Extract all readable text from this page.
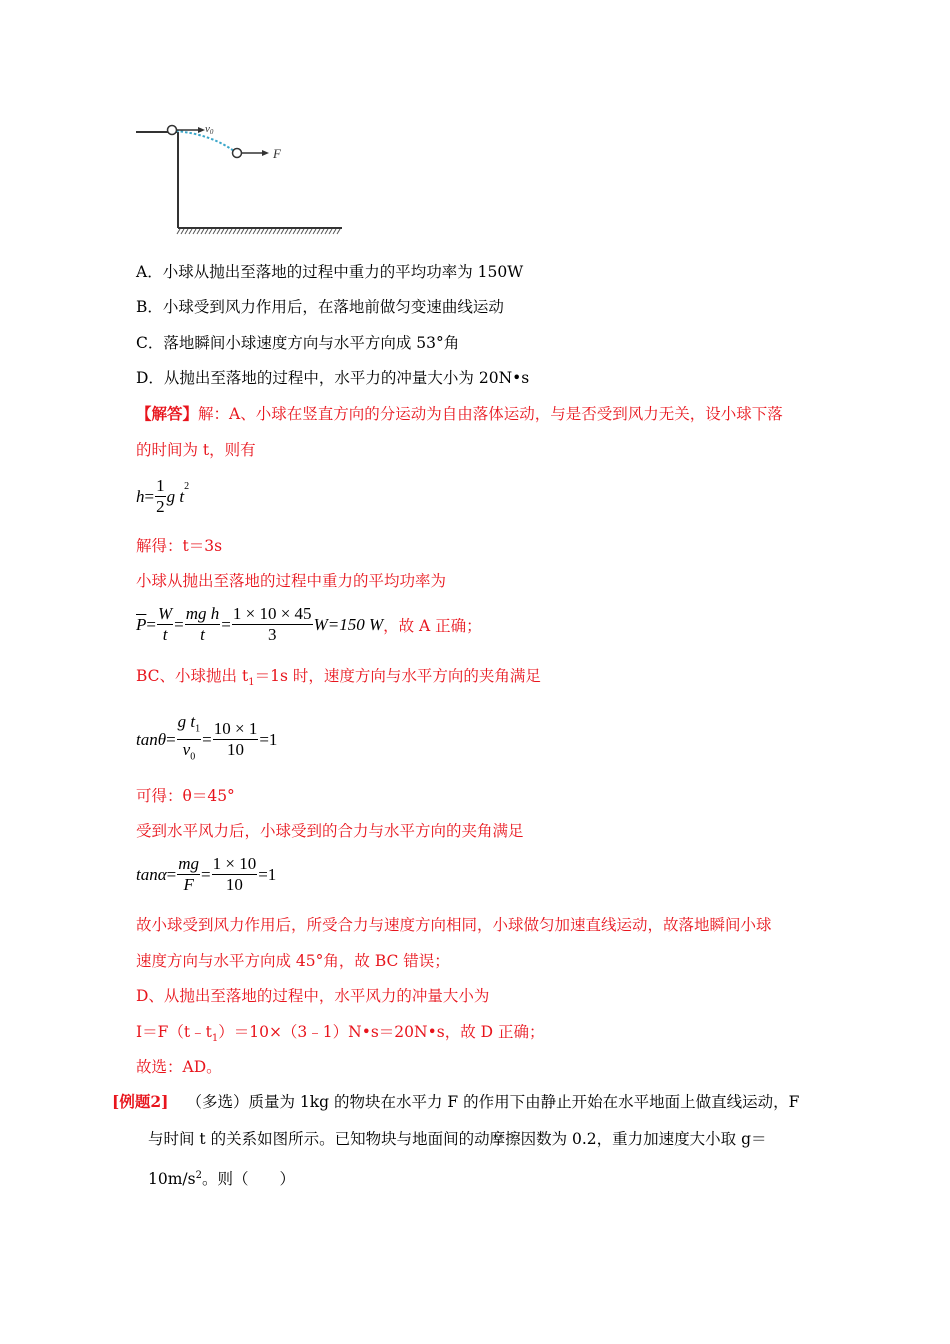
v0
F
A．小球从抛出至落地的过程中重力的平均功率为 150W
B．小球受到风力作用后，在落地前做匀变速曲线运动
C．落地瞬间小球速度方向与水平方向成 53°角
D．从抛出至落地的过程中，水平力的冲量大小为 20N•s
【解答】解：A、小球在竖直方向的分运动为自由落体运动，与是否受到风力无关，设小球下落
的时间为 t，则有
$h = \frac{1}{2}$ g $t^2$
解得：t＝3s
小球从抛出至落地的过程中重力的平均功率为
$\overline{P} = \frac{W}{t} = \frac{\text{mg h}}{t} = \frac{1 \times 10 \times 45}{3} W=150$ W ，故 A 正确；
BC、小球抛出 $t_1=1s$ 时，速度方向与水平方向的夹角满足
$\tan\theta = \frac{g t_1}{v_0} = \frac{10 \times 1}{10} =1$
可得：θ＝45°
受到水平风力后，小球受到的合力与水平方向的夹角满足
$\tan\alpha = \frac{mg}{F} = \frac{1 \times 10}{10} =1$
故小球受到风力作用后，所受合力与速度方向相同，小球做匀加速直线运动，故落地瞬间小球
速度方向与水平方向成 45°角，故 BC 错误；
D、从抛出至落地的过程中，水平风力的冲量大小为
$I=F(t﹣t_1)=10\times(3﹣1)N•s=20N•s$，故 D 正确；
故选：AD。
[例题2] （多选）质量为 1kg 的物块在水平力 F 的作用下由静止开始在水平地面上做直线运动，F
与时间 t 的关系如图所示。已知物块与地面间的动摩擦因数为 0.2，重力加速度大小取 g＝
$10m/s^2$。则（　　）
